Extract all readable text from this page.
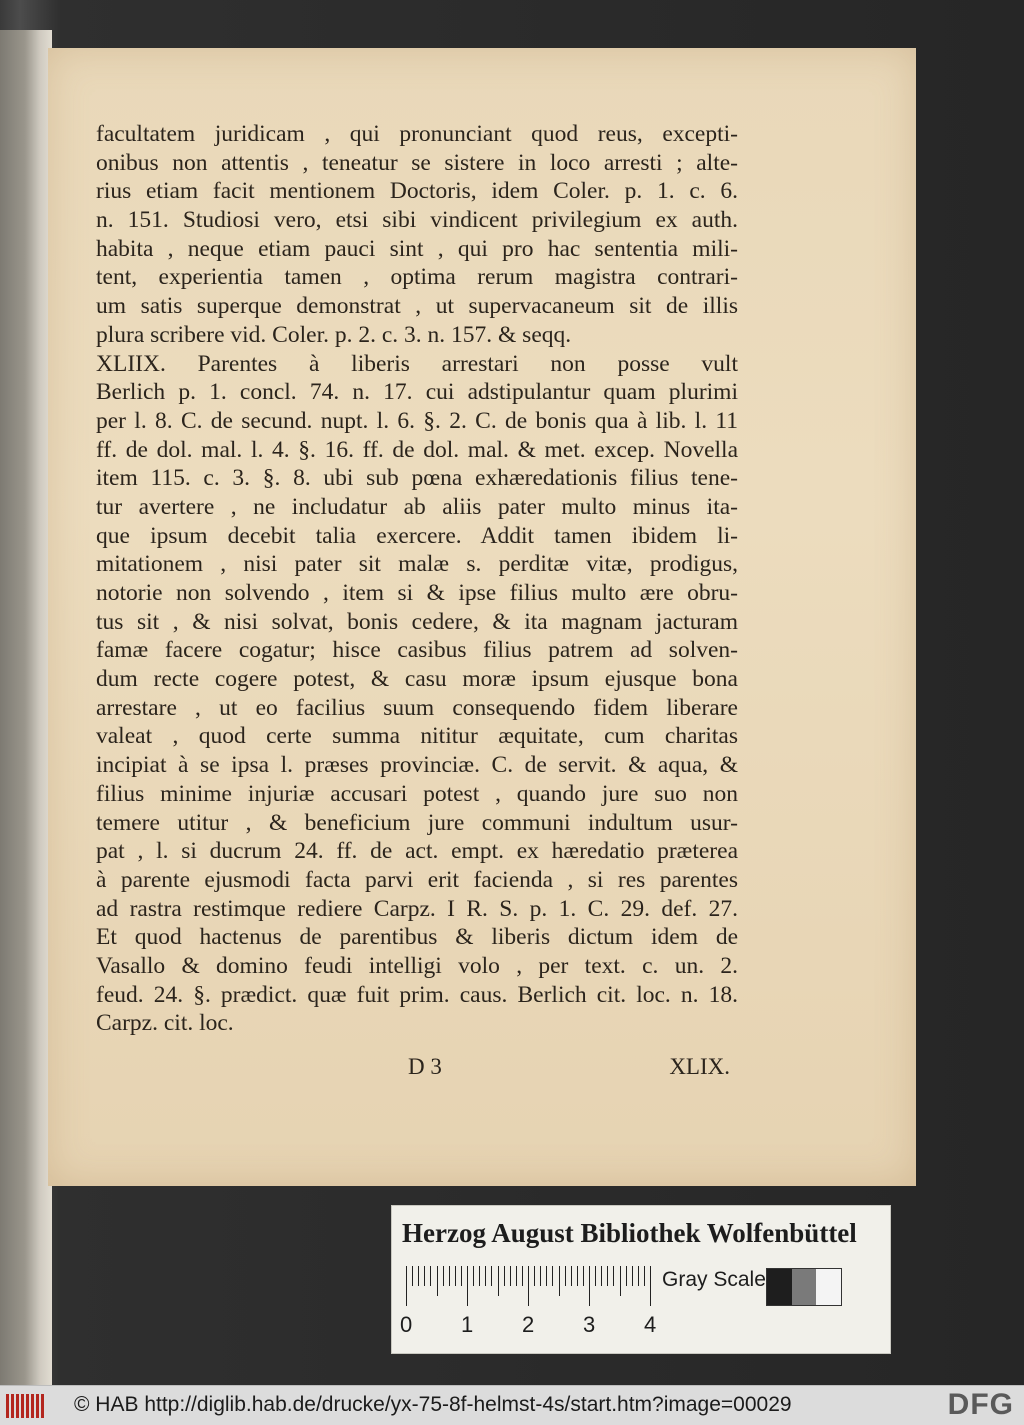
facultatem juridicam , qui pronunciant quod reus, excepti-
onibus non attentis , teneatur se sistere in loco arresti ; alte-
rius etiam facit mentionem Doctoris, idem Coler. p. 1. c. 6.
n. 151. Studiosi vero, etsi sibi vindicent privilegium ex auth.
habita , neque etiam pauci sint , qui pro hac sententia mili-
tent, experientia tamen , optima rerum magistra contrari-
um satis superque demonstrat , ut supervacaneum sit de illis
plura scribere vid. Coler. p. 2. c. 3. n. 157. & seqq.
XLIIX. Parentes à liberis arrestari non posse vult
Berlich p. 1. concl. 74. n. 17. cui adstipulantur quam plurimi
per l. 8. C. de secund. nupt. l. 6. §. 2. C. de bonis qua à lib. l. 11
ff. de dol. mal. l. 4. §. 16. ff. de dol. mal. & met. excep. Novella
item 115. c. 3. §. 8. ubi sub pœna exhæredationis filius tene-
tur avertere , ne includatur ab aliis pater multo minus ita-
que ipsum decebit talia exercere. Addit tamen ibidem li-
mitationem , nisi pater sit malæ s. perditæ vitæ, prodigus,
notorie non solvendo , item si & ipse filius multo ære obru-
tus sit , & nisi solvat, bonis cedere, & ita magnam jacturam
famæ facere cogatur; hisce casibus filius patrem ad solven-
dum recte cogere potest, & casu moræ ipsum ejusque bona
arrestare , ut eo facilius suum consequendo fidem liberare
valeat , quod certe summa nititur æquitate, cum charitas
incipiat à se ipsa l. præses provinciæ. C. de servit. & aqua, &
filius minime injuriæ accusari potest , quando jure suo non
temere utitur , & beneficium jure communi indultum usur-
pat , l. si ducrum 24. ff. de act. empt. ex hæredatio præterea
à parente ejusmodi facta parvi erit facienda , si res parentes
ad rastra restimque rediere Carpz. I R. S. p. 1. C. 29. def. 27.
Et quod hactenus de parentibus & liberis dictum idem de
Vasallo & domino feudi intelligi volo , per text. c. un. 2.
feud. 24. §. prædict. quæ fuit prim. caus. Berlich cit. loc. n. 18.
Carpz. cit. loc.
D 3	XLIX.
Herzog August Bibliothek Wolfenbüttel
0 1 2 3 4
Gray Scale
© HAB http://diglib.hab.de/drucke/yx-75-8f-helmst-4s/start.htm?image=00029	DFG
